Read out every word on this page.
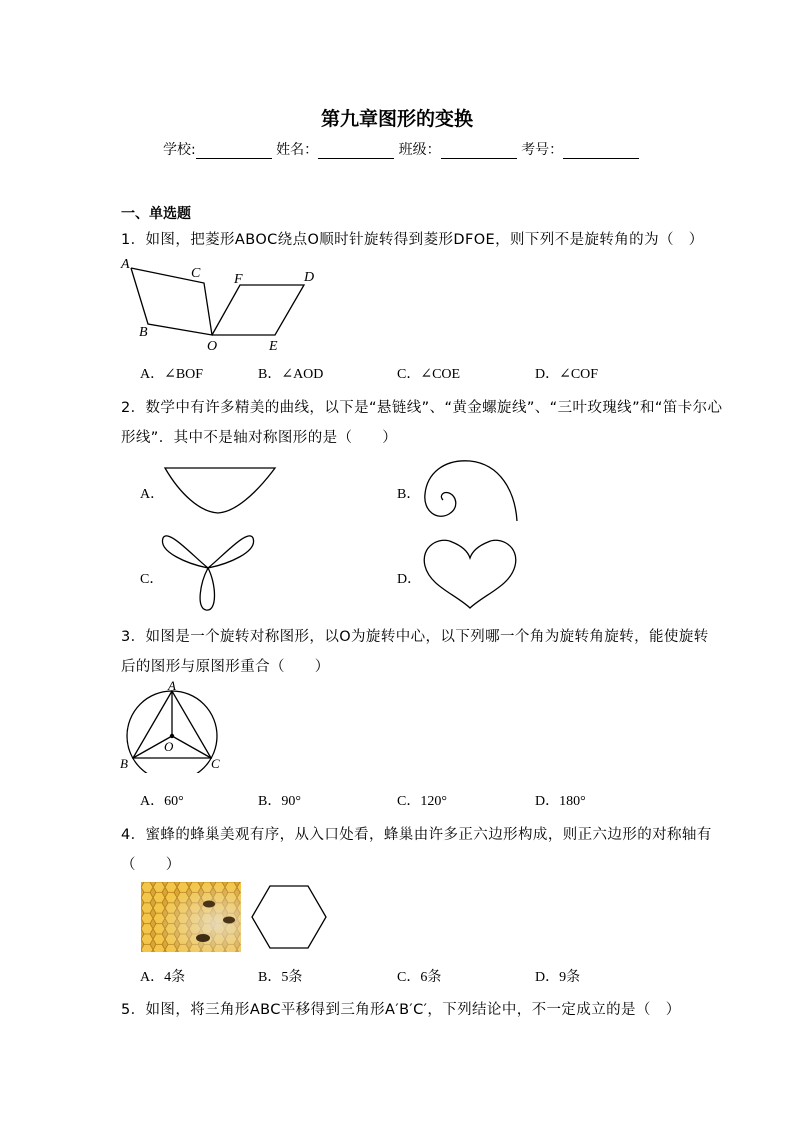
第九章图形的变换
学校:	姓名：	班级：	考号：
一、单选题
1．如图，把菱形ABOC绕点O顺时针旋转得到菱形DFOE，则下列不是旋转角的为（　）
A
B
C
O
F	D
E
A．∠BOF	B．∠AOD	C．∠COE	D．∠COF
2．数学中有许多精美的曲线，以下是“悬链线”、“黄金螺旋线”、“三叶玫瑰线”和“笛卡尔心
形线”．其中不是轴对称图形的是（　　）
A．	B．
C．	D．
3．如图是一个旋转对称图形，以O为旋转中心，以下列哪一个角为旋转角旋转，能使旋转
后的图形与原图形重合（　　）
A
B	C
O
A．60°	B．90°	C．120°	D．180°
4．蜜蜂的蜂巢美观有序，从入口处看，蜂巢由许多正六边形构成，则正六边形的对称轴有
（　　）
A．4条	B．5条	C．6条	D．9条
5．如图，将三角形ABC平移得到三角形A′B′C′，下列结论中，不一定成立的是（　）
